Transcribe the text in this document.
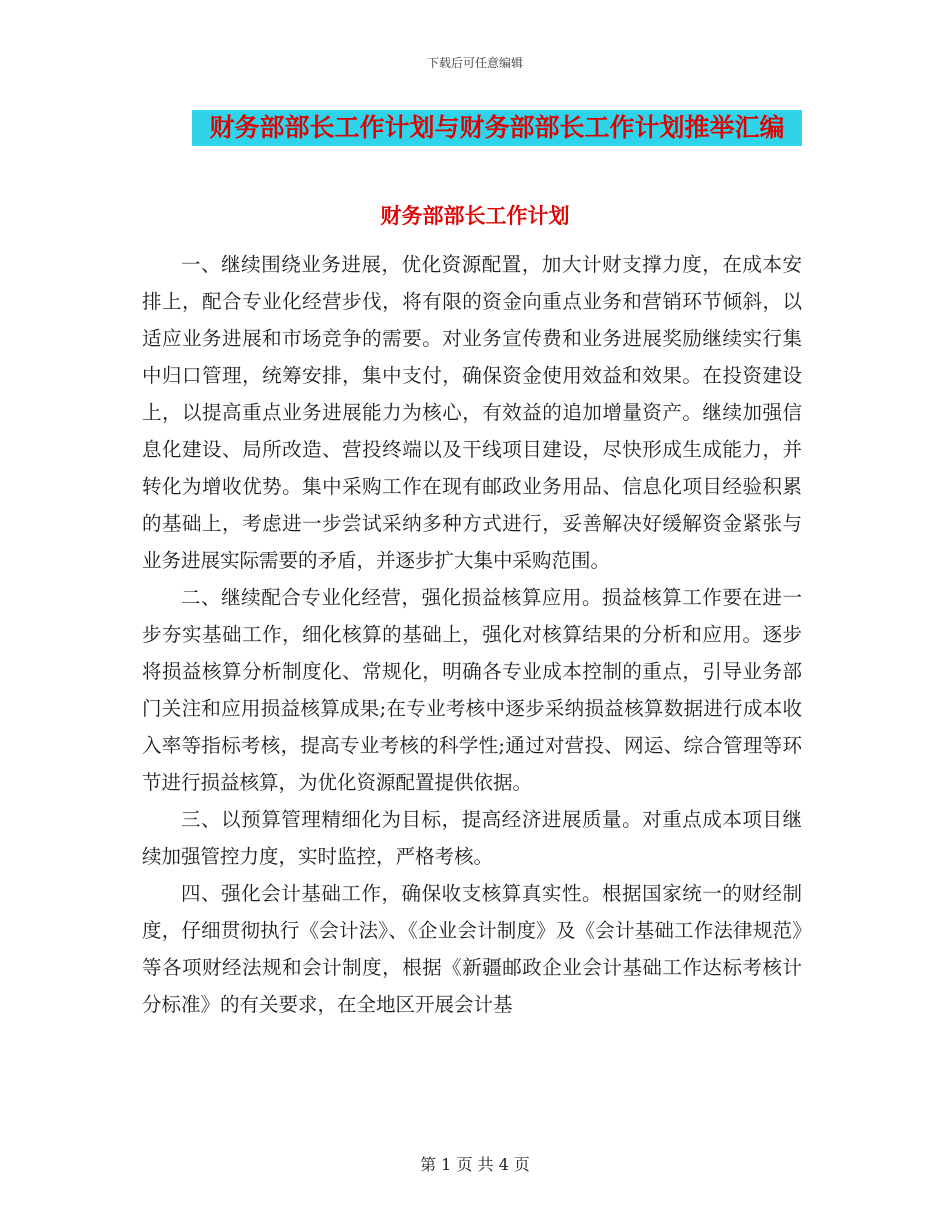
下载后可任意编辑
财务部部长工作计划与财务部部长工作计划推举汇编
财务部部长工作计划

一、继续围绕业务进展，优化资源配置，加大计财支撑力度，在成本安排上，配合专业化经营步伐，将有限的资金向重点业务和营销环节倾斜，以适应业务进展和市场竞争的需要。对业务宣传费和业务进展奖励继续实行集中归口管理，统筹安排，集中支付，确保资金使用效益和效果。在投资建设上，以提高重点业务进展能力为核心，有效益的追加增量资产。继续加强信息化建设、局所改造、营投终端以及干线项目建设，尽快形成生成能力，并转化为增收优势。集中采购工作在现有邮政业务用品、信息化项目经验积累的基础上，考虑进一步尝试采纳多种方式进行，妥善解决好缓解资金紧张与业务进展实际需要的矛盾，并逐步扩大集中采购范围。

二、继续配合专业化经营，强化损益核算应用。损益核算工作要在进一步夯实基础工作，细化核算的基础上，强化对核算结果的分析和应用。逐步将损益核算分析制度化、常规化，明确各专业成本控制的重点，引导业务部门关注和应用损益核算成果;在专业考核中逐步采纳损益核算数据进行成本收入率等指标考核，提高专业考核的科学性;通过对营投、网运、综合管理等环节进行损益核算，为优化资源配置提供依据。

三、以预算管理精细化为目标，提高经济进展质量。对重点成本项目继续加强管控力度，实时监控，严格考核。

四、强化会计基础工作，确保收支核算真实性。根据国家统一的财经制度，仔细贯彻执行《会计法》、《企业会计制度》及《会计基础工作法律规范》等各项财经法规和会计制度，根据《新疆邮政企业会计基础工作达标考核计分标准》的有关要求，在全地区开展会计基

第 1 页 共 4 页
